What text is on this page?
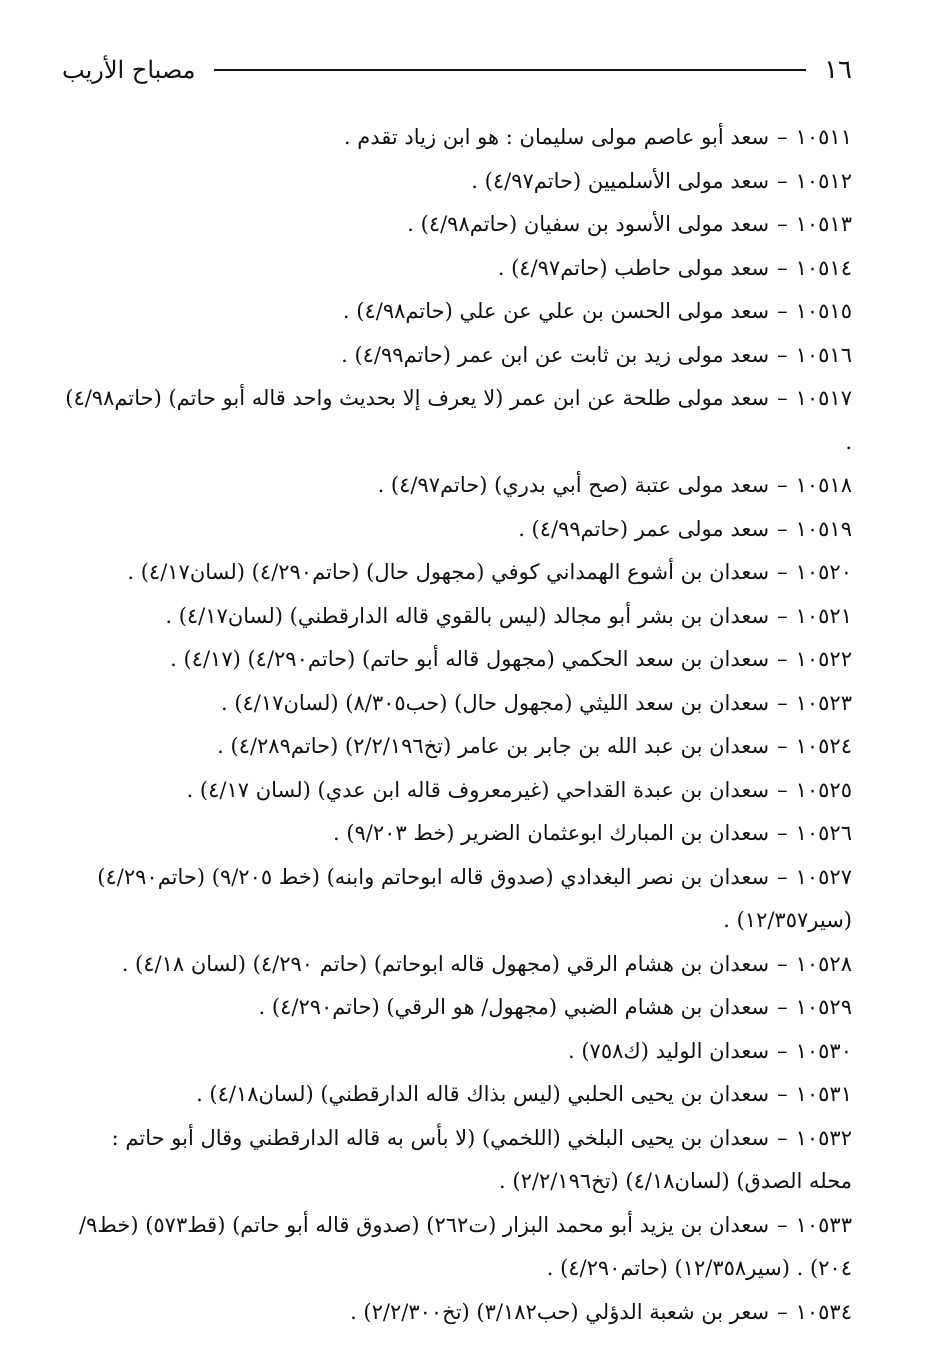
١٦
مصباح الأريب

١٠٥١١–سعد أبو عاصم مولى سليمان : هو ابن زياد تقدم .

١٠٥١٢–سعد مولى الأسلميين (حاتم٤/٩٧) .

١٠٥١٣–سعد مولى الأسود بن سفيان (حاتم٤/٩٨) .

١٠٥١٤–سعد مولى حاطب (حاتم٤/٩٧) .

١٠٥١٥–سعد مولى الحسن بن علي عن علي (حاتم٤/٩٨) .

١٠٥١٦–سعد مولى زيد بن ثابت عن ابن عمر (حاتم٤/٩٩) .

١٠٥١٧–سعد مولى طلحة عن ابن عمر (لا يعرف إلا بحديث واحد قاله أبو حاتم) (حاتم٤/٩٨) .

١٠٥١٨–سعد مولى عتبة (صح أبي بدري) (حاتم٤/٩٧) .

١٠٥١٩–سعد مولى عمر (حاتم٤/٩٩) .

١٠٥٢٠–سعدان بن أشوع الهمداني كوفي (مجهول حال) (حاتم٤/٢٩٠) (لسان٤/١٧) .

١٠٥٢١–سعدان بن بشر أبو مجالد (ليس بالقوي قاله الدارقطني) (لسان٤/١٧) .

١٠٥٢٢–سعدان بن سعد الحكمي (مجهول قاله أبو حاتم) (حاتم٤/٢٩٠) (٤/١٧) .

١٠٥٢٣–سعدان بن سعد الليثي (مجهول حال) (حب٨/٣٠٥) (لسان٤/١٧) .

١٠٥٢٤–سعدان بن عبد الله بن جابر بن عامر (تخ٢/٢/١٩٦) (حاتم٤/٢٨٩) .

١٠٥٢٥–سعدان بن عبدة القداحي (غيرمعروف قاله ابن عدي) (لسان ٤/١٧) .

١٠٥٢٦–سعدان بن المبارك ابوعثمان الضرير (خط ٩/٢٠٣) .

١٠٥٢٧–سعدان بن نصر البغدادي (صدوق قاله ابوحاتم وابنه) (خط ٩/٢٠٥) (حاتم٤/٢٩٠) (سير١٢/٣٥٧) .

١٠٥٢٨–سعدان بن هشام الرقي (مجهول قاله ابوحاتم) (حاتم ٤/٢٩٠) (لسان ٤/١٨) .

١٠٥٢٩–سعدان بن هشام الضبي (مجهول/ هو الرقي) (حاتم٤/٢٩٠) .

١٠٥٣٠–سعدان الوليد (ك٧٥٨) .

١٠٥٣١–سعدان بن يحيى الحلبي (ليس بذاك قاله الدارقطني) (لسان٤/١٨) .

١٠٥٣٢–سعدان بن يحيى البلخي (اللخمي) (لا بأس به قاله الدارقطني وقال أبو حاتم : محله الصدق) (لسان٤/١٨) (تخ٢/٢/١٩٦) .

١٠٥٣٣–سعدان بن يزيد أبو محمد البزار (ت٢٦٢) (صدوق قاله أبو حاتم) (قط٥٧٣) (خط٩/ ٢٠٤) . (سير١٢/٣٥٨) (حاتم٤/٢٩٠) .

١٠٥٣٤–سعر بن شعبة الدؤلي (حب٣/١٨٢) (تخ٢/٢/٣٠٠) .
